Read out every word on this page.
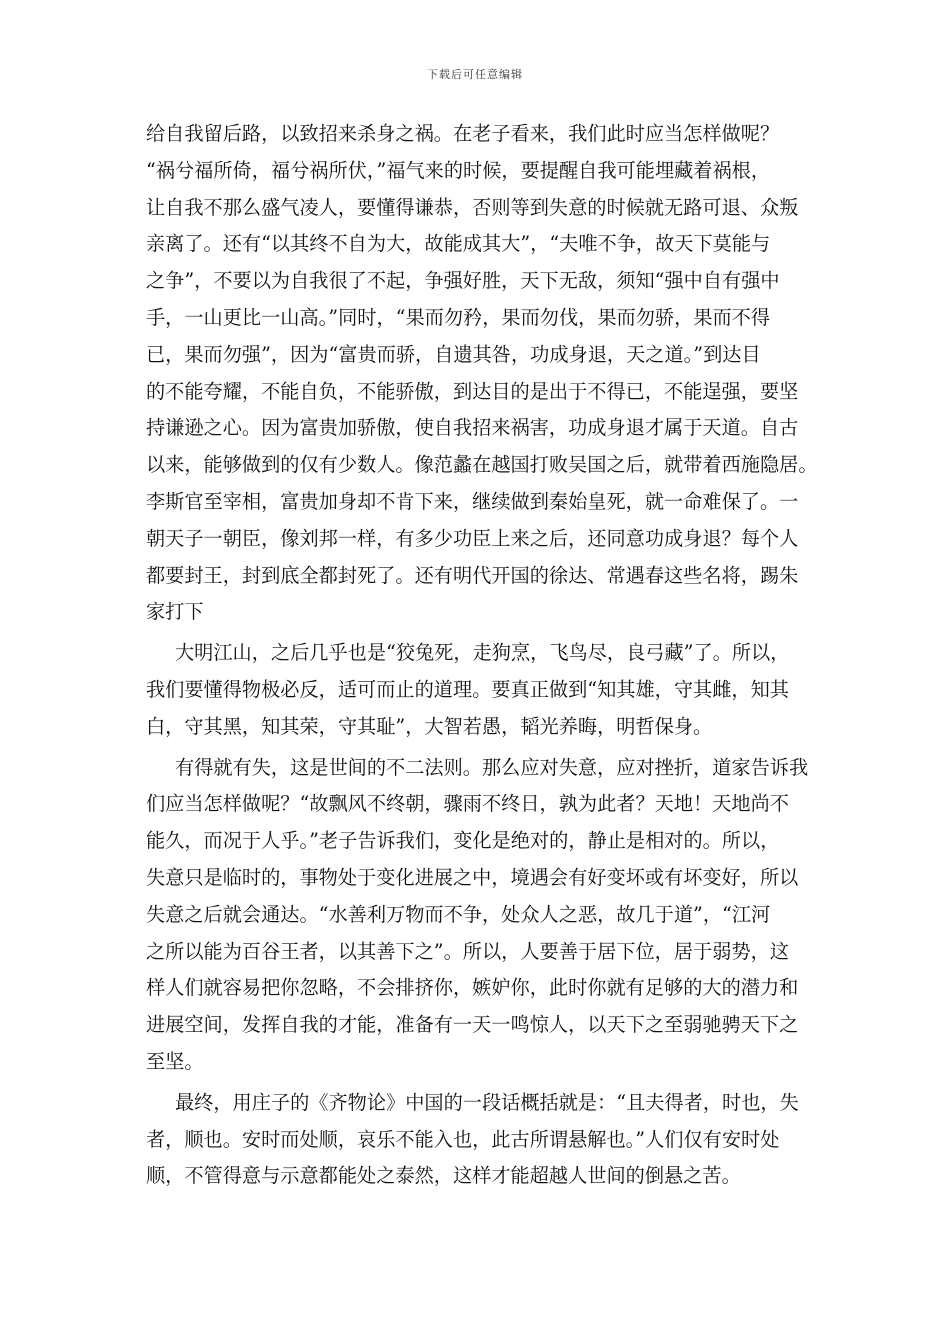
下载后可任意编辑
给自我留后路，以致招来杀身之祸。在老子看来，我们此时应当怎样做呢？
“祸兮福所倚，福兮祸所伏，”福气来的时候，要提醒自我可能埋藏着祸根，
让自我不那么盛气凌人，要懂得谦恭，否则等到失意的时候就无路可退、众叛
亲离了。还有“以其终不自为大，故能成其大”，“夫唯不争，故天下莫能与
之争”，不要以为自我很了不起，争强好胜，天下无敌，须知“强中自有强中
手，一山更比一山高。”同时，“果而勿矜，果而勿伐，果而勿骄，果而不得
已，果而勿强”，因为“富贵而骄，自遗其咎，功成身退，天之道。”到达目
的不能夸耀，不能自负，不能骄傲，到达目的是出于不得已，不能逞强，要坚
持谦逊之心。因为富贵加骄傲，使自我招来祸害，功成身退才属于天道。自古
以来，能够做到的仅有少数人。像范蠡在越国打败吴国之后，就带着西施隐居。
李斯官至宰相，富贵加身却不肯下来，继续做到秦始皇死，就一命难保了。一
朝天子一朝臣，像刘邦一样，有多少功臣上来之后，还同意功成身退？每个人
都要封王，封到底全都封死了。还有明代开国的徐达、常遇春这些名将，踢朱
家打下
大明江山，之后几乎也是“狡兔死，走狗烹，飞鸟尽，良弓藏”了。所以，
我们要懂得物极必反，适可而止的道理。要真正做到“知其雄，守其雌，知其
白，守其黑，知其荣，守其耻”，大智若愚，韬光养晦，明哲保身。
有得就有失，这是世间的不二法则。那么应对失意，应对挫折，道家告诉我
们应当怎样做呢？“故飘风不终朝，骤雨不终日，孰为此者？天地！天地尚不
能久，而况于人乎。”老子告诉我们，变化是绝对的，静止是相对的。所以，
失意只是临时的，事物处于变化进展之中，境遇会有好变坏或有坏变好，所以
失意之后就会通达。“水善利万物而不争，处众人之恶，故几于道”，“江河
之所以能为百谷王者，以其善下之”。所以，人要善于居下位，居于弱势，这
样人们就容易把你忽略，不会排挤你，嫉妒你，此时你就有足够的大的潜力和
进展空间，发挥自我的才能，准备有一天一鸣惊人，以天下之至弱驰骋天下之
至坚。
最终，用庄子的《齐物论》中国的一段话概括就是：“且夫得者，时也，失
者，顺也。安时而处顺，哀乐不能入也，此古所谓悬解也。”人们仅有安时处
顺，不管得意与示意都能处之泰然，这样才能超越人世间的倒悬之苦。
